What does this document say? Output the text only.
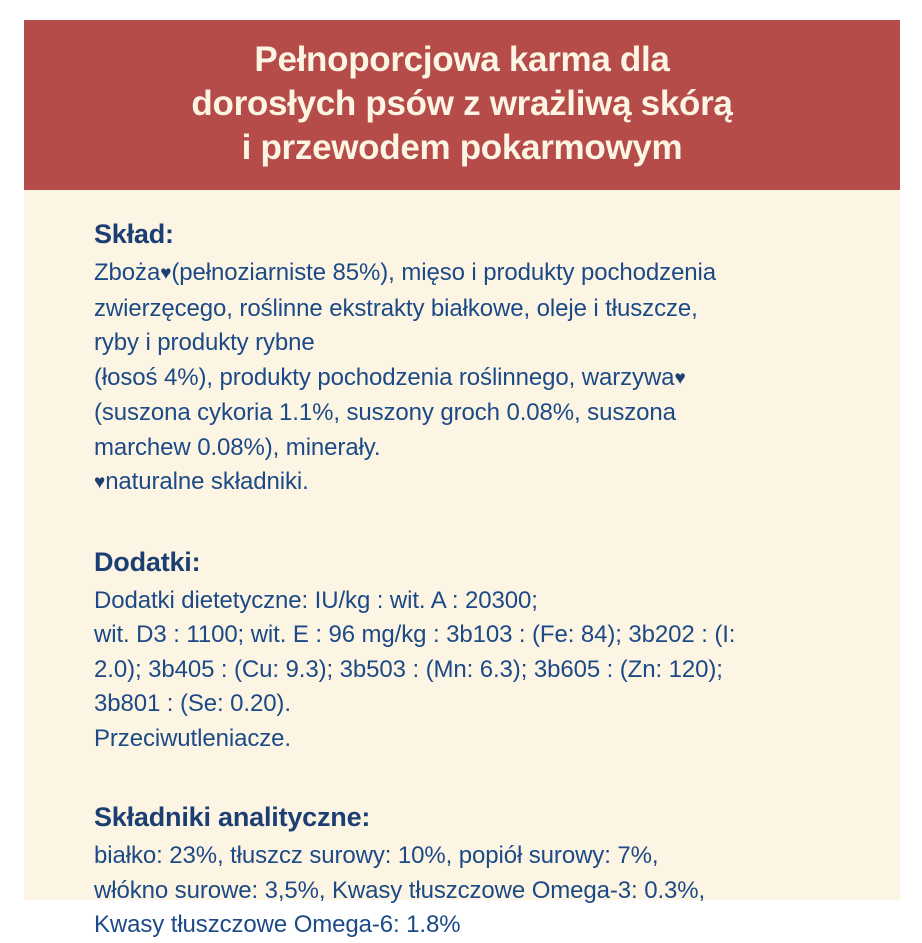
Pełnoporcjowa karma dla
dorosłych psów z wrażliwą skórą
i przewodem pokarmowym
Skład:

Zboża♥(pełnoziarniste 85%), mięso i produkty pochodzenia

zwierzęcego, roślinne ekstrakty białkowe, oleje i tłuszcze,

ryby i produkty rybne

(łosoś 4%), produkty pochodzenia roślinnego, warzywa♥

(suszona cykoria 1.1%, suszony groch 0.08%, suszona

marchew 0.08%), minerały.

♥naturalne składniki.

Dodatki:

Dodatki dietetyczne: IU/kg : wit. A : 20300;

wit. D3 : 1100; wit. E : 96 mg/kg : 3b103 : (Fe: 84); 3b202 : (I:

2.0); 3b405 : (Cu: 9.3); 3b503 : (Mn: 6.3); 3b605 : (Zn: 120);

3b801 : (Se: 0.20).

Przeciwutleniacze.

Składniki analityczne:

białko: 23%, tłuszcz surowy: 10%, popiół surowy: 7%,

włókno surowe: 3,5%, Kwasy tłuszczowe Omega-3: 0.3%,

Kwasy tłuszczowe Omega-6: 1.8%
